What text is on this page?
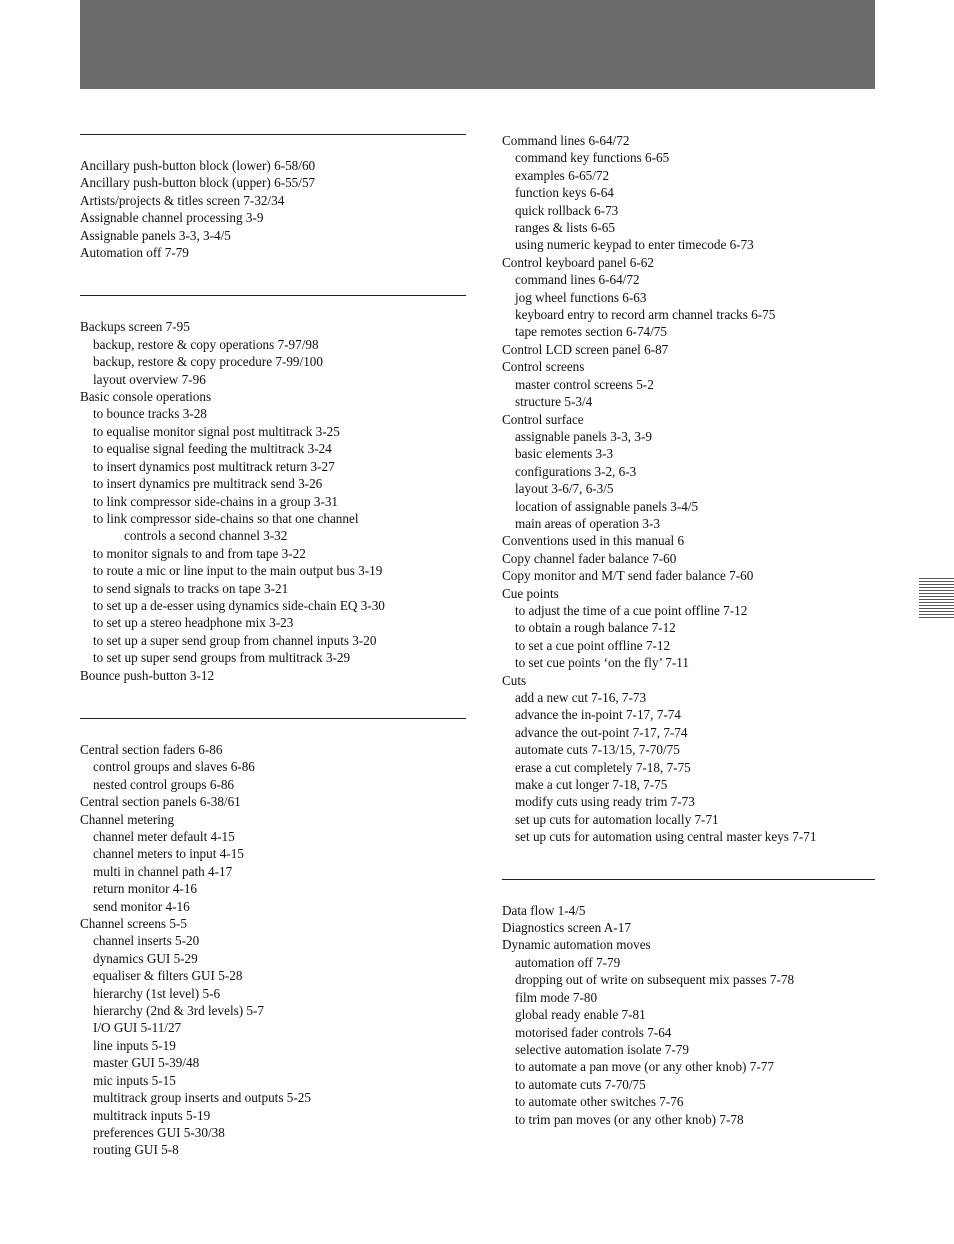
Ancillary push-button block (lower) 6-58/60
Ancillary push-button block (upper) 6-55/57
Artists/projects & titles screen 7-32/34
Assignable channel processing 3-9
Assignable panels 3-3, 3-4/5
Automation off 7-79
Backups screen 7-95
backup, restore & copy operations 7-97/98
backup, restore & copy procedure 7-99/100
layout overview 7-96
Basic console operations
to bounce tracks 3-28
to equalise monitor signal post multitrack 3-25
to equalise signal feeding the multitrack 3-24
to insert dynamics post multitrack return 3-27
to insert dynamics pre multitrack send 3-26
to link compressor side-chains in a group 3-31
to link compressor side-chains so that one channel
controls a second channel 3-32
to monitor signals to and from tape 3-22
to route a mic or line input to the main output bus 3-19
to send signals to tracks on tape 3-21
to set up a de-esser using dynamics side-chain EQ 3-30
to set up a stereo headphone mix 3-23
to set up a super send group from channel inputs 3-20
to set up super send groups from multitrack 3-29
Bounce push-button 3-12
Central section faders 6-86
control groups and slaves 6-86
nested control groups 6-86
Central section panels 6-38/61
Channel metering
channel meter default 4-15
channel meters to input 4-15
multi in channel path 4-17
return monitor 4-16
send monitor 4-16
Channel screens 5-5
channel inserts 5-20
dynamics GUI 5-29
equaliser & filters GUI 5-28
hierarchy (1st level) 5-6
hierarchy (2nd & 3rd levels) 5-7
I/O GUI 5-11/27
line inputs 5-19
master GUI 5-39/48
mic inputs 5-15
multitrack group inserts and outputs 5-25
multitrack inputs 5-19
preferences GUI 5-30/38
routing GUI 5-8
Command lines 6-64/72
command key functions 6-65
examples 6-65/72
function keys 6-64
quick rollback 6-73
ranges & lists 6-65
using numeric keypad to enter timecode 6-73
Control keyboard panel 6-62
command lines 6-64/72
jog wheel functions 6-63
keyboard entry to record arm channel tracks 6-75
tape remotes section 6-74/75
Control LCD screen panel 6-87
Control screens
master control screens 5-2
structure 5-3/4
Control surface
assignable panels 3-3, 3-9
basic elements 3-3
configurations 3-2, 6-3
layout 3-6/7, 6-3/5
location of assignable panels 3-4/5
main areas of operation 3-3
Conventions used in this manual 6
Copy channel fader balance 7-60
Copy monitor and M/T send fader balance 7-60
Cue points
to adjust the time of a cue point offline 7-12
to obtain a rough balance 7-12
to set a cue point offline 7-12
to set cue points ‘on the fly’ 7-11
Cuts
add a new cut 7-16, 7-73
advance the in-point 7-17, 7-74
advance the out-point 7-17, 7-74
automate cuts 7-13/15, 7-70/75
erase a cut completely 7-18, 7-75
make a cut longer 7-18, 7-75
modify cuts using ready trim 7-73
set up cuts for automation locally 7-71
set up cuts for automation using central master keys 7-71
Data flow 1-4/5
Diagnostics screen A-17
Dynamic automation moves
automation off 7-79
dropping out of write on subsequent mix passes 7-78
film mode 7-80
global ready enable 7-81
motorised fader controls 7-64
selective automation isolate 7-79
to automate a pan move (or any other knob) 7-77
to automate cuts 7-70/75
to automate other switches 7-76
to trim pan moves (or any other knob) 7-78
